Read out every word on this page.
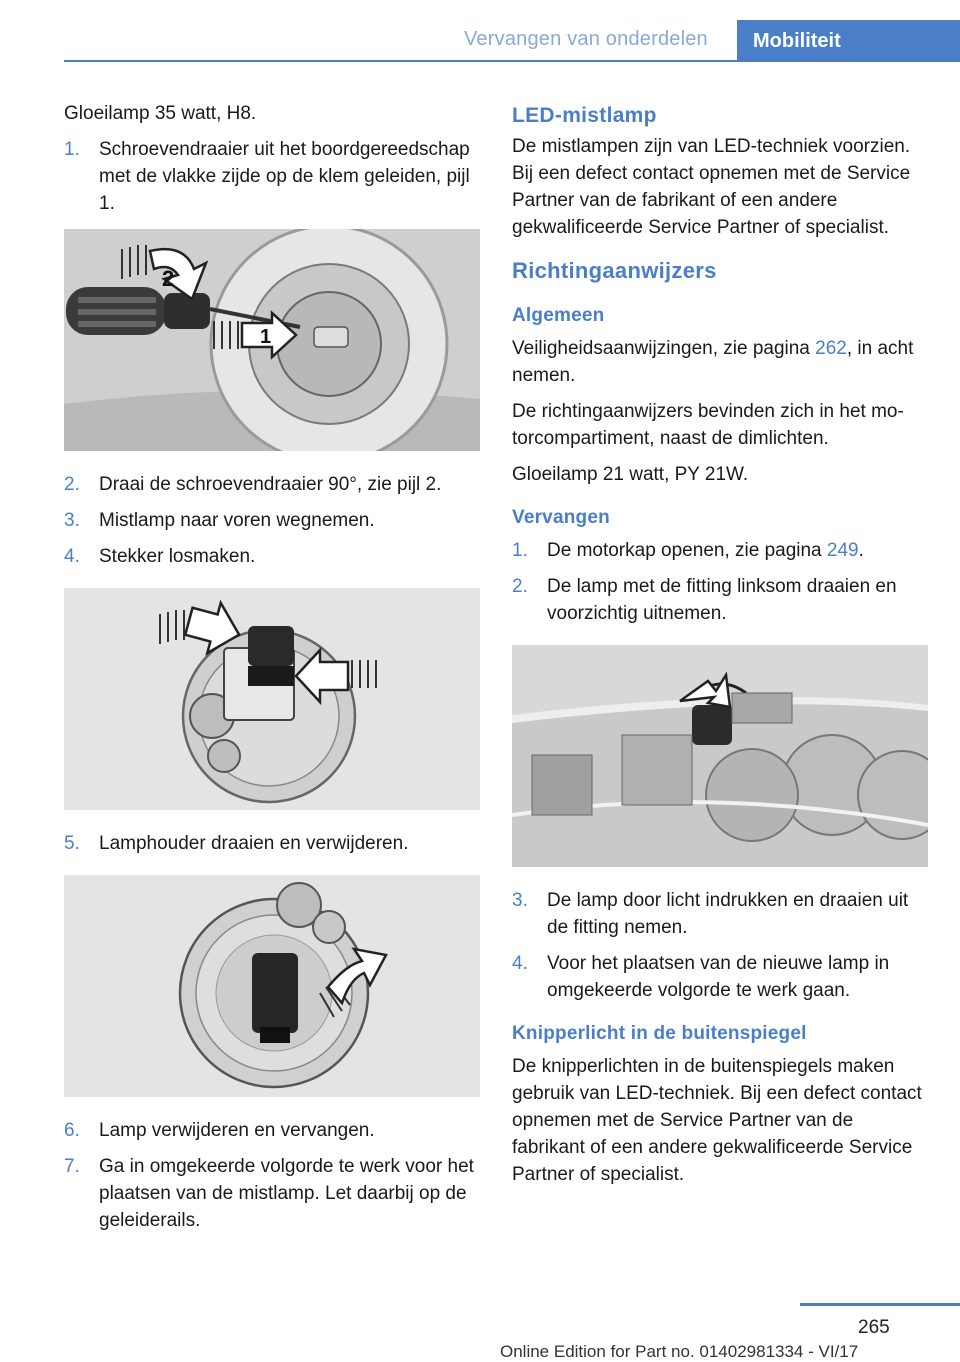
Vervangen van onderdelen	Mobiliteit

Gloeilamp 35 watt, H8.

1.	Schroevendraaier uit het boordgereedschap met de vlakke zijde op de klem geleiden, pijl 1.
2
1
2.	Draai de schroevendraaier 90°, zie pijl 2.
3.	Mistlamp naar voren wegnemen.
4.	Stekker losmaken.
5.	Lamphouder draaien en verwijderen.
6.	Lamp verwijderen en vervangen.
7.	Ga in omgekeerde volgorde te werk voor het plaatsen van de mistlamp. Let daarbij op de geleiderails.
LED-mistlamp

De mistlampen zijn van LED-techniek voorzien. Bij een defect contact opnemen met de Service Partner van de fabrikant of een andere gekwalificeerde Service Partner of specialist.

Richtingaanwijzers
Algemeen

Veiligheidsaanwijzingen, zie pagina 262, in acht nemen.

De richtingaanwijzers bevinden zich in het motorcompartiment, naast de dimlichten.

Gloeilamp 21 watt, PY 21W.

Vervangen
1.	De motorkap openen, zie pagina 249.
2.	De lamp met de fitting linksom draaien en voorzichtig uitnemen.
3.	De lamp door licht indrukken en draaien uit de fitting nemen.
4.	Voor het plaatsen van de nieuwe lamp in omgekeerde volgorde te werk gaan.
Knipperlicht in de buitenspiegel

De knipperlichten in de buitenspiegels maken gebruik van LED-techniek. Bij een defect contact opnemen met de Service Partner van de fabrikant of een andere gekwalificeerde Service Partner of specialist.

265
Online Edition for Part no. 01402981334 - VI/17
